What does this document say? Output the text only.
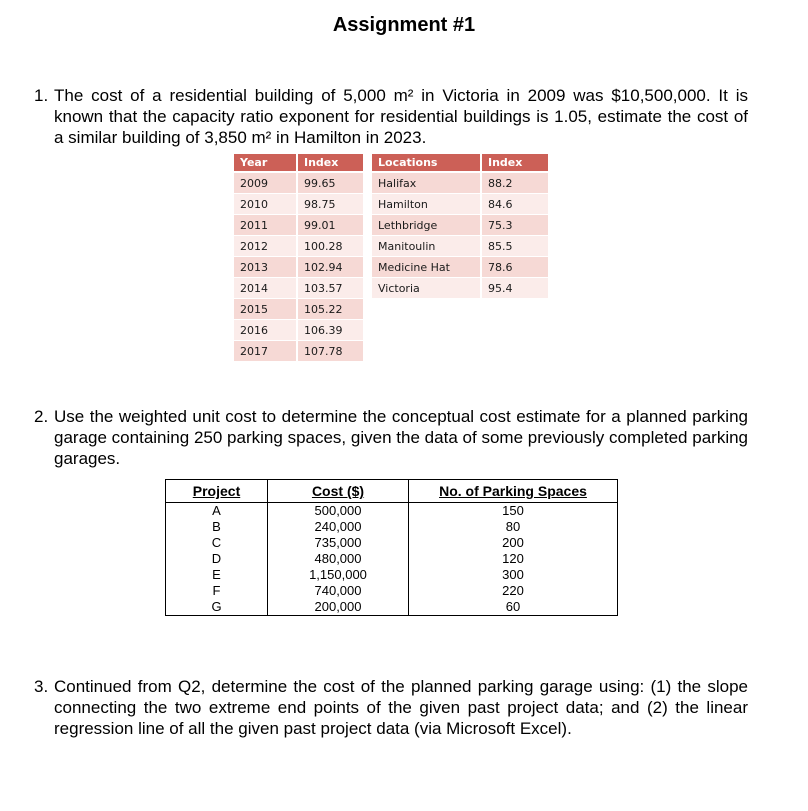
Assignment #1
1. The cost of a residential building of 5,000 m² in Victoria in 2009 was $10,500,000. It is known that the capacity ratio exponent for residential buildings is 1.05, estimate the cost of a similar building of 3,850 m² in Hamilton in 2023.
Year	Index
2009	99.65
2010	98.75
2011	99.01
2012	100.28
2013	102.94
2014	103.57
2015	105.22
2016	106.39
2017	107.78
Locations	Index
Halifax	88.2
Hamilton	84.6
Lethbridge	75.3
Manitoulin	85.5
Medicine Hat	78.6
Victoria	95.4
2. Use the weighted unit cost to determine the conceptual cost estimate for a planned parking garage containing 250 parking spaces, given the data of some previously completed parking garages.
Project	Cost ($)	No. of Parking Spaces
A	500,000	150
B	240,000	80
C	735,000	200
D	480,000	120
E	1,150,000	300
F	740,000	220
G	200,000	60
3. Continued from Q2, determine the cost of the planned parking garage using: (1) the slope connecting the two extreme end points of the given past project data; and (2) the linear regression line of all the given past project data (via Microsoft Excel).
